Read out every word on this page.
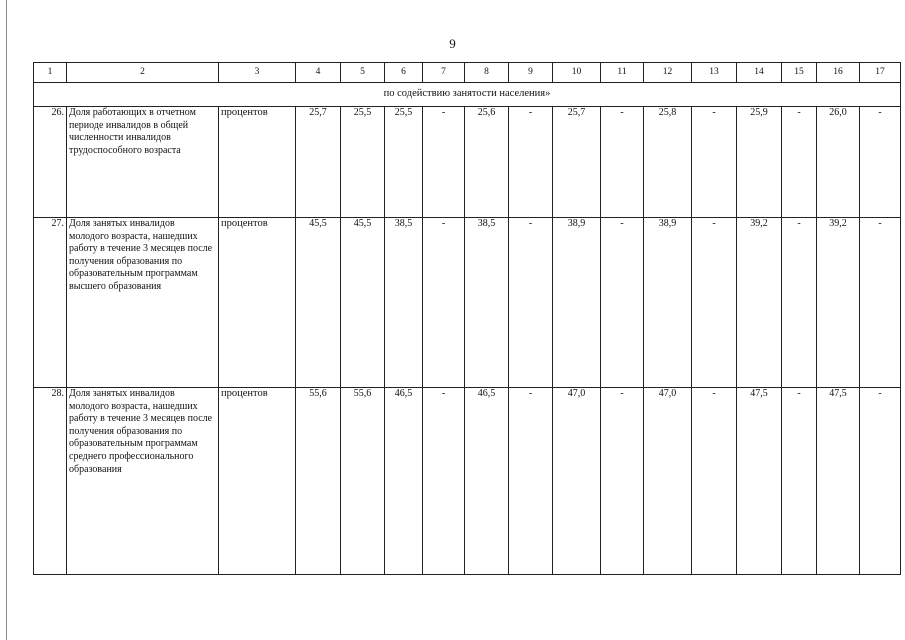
9
1	2	3	4	5	6	7	8	9	10	11	12	13	14	15	16	17
по содействию занятости населения»																
26.	Доля работающих в отчетном периоде инвалидов в общей численности инвалидов трудоспособного возраста	процентов	25,7	25,5	25,5	-	25,6	-	25,7	-	25,8	-	25,9	-	26,0	-
27.	Доля занятых инвалидов молодого возраста, нашедших работу в течение 3 месяцев после получения образования по образовательным программам высшего образования	процентов	45,5	45,5	38,5	-	38,5	-	38,9	-	38,9	-	39,2	-	39,2	-
28.	Доля занятых инвалидов молодого возраста, нашедших работу в течение 3 месяцев после получения образования по образовательным программам среднего профессионального образования	процентов	55,6	55,6	46,5	-	46,5	-	47,0	-	47,0	-	47,5	-	47,5	-
